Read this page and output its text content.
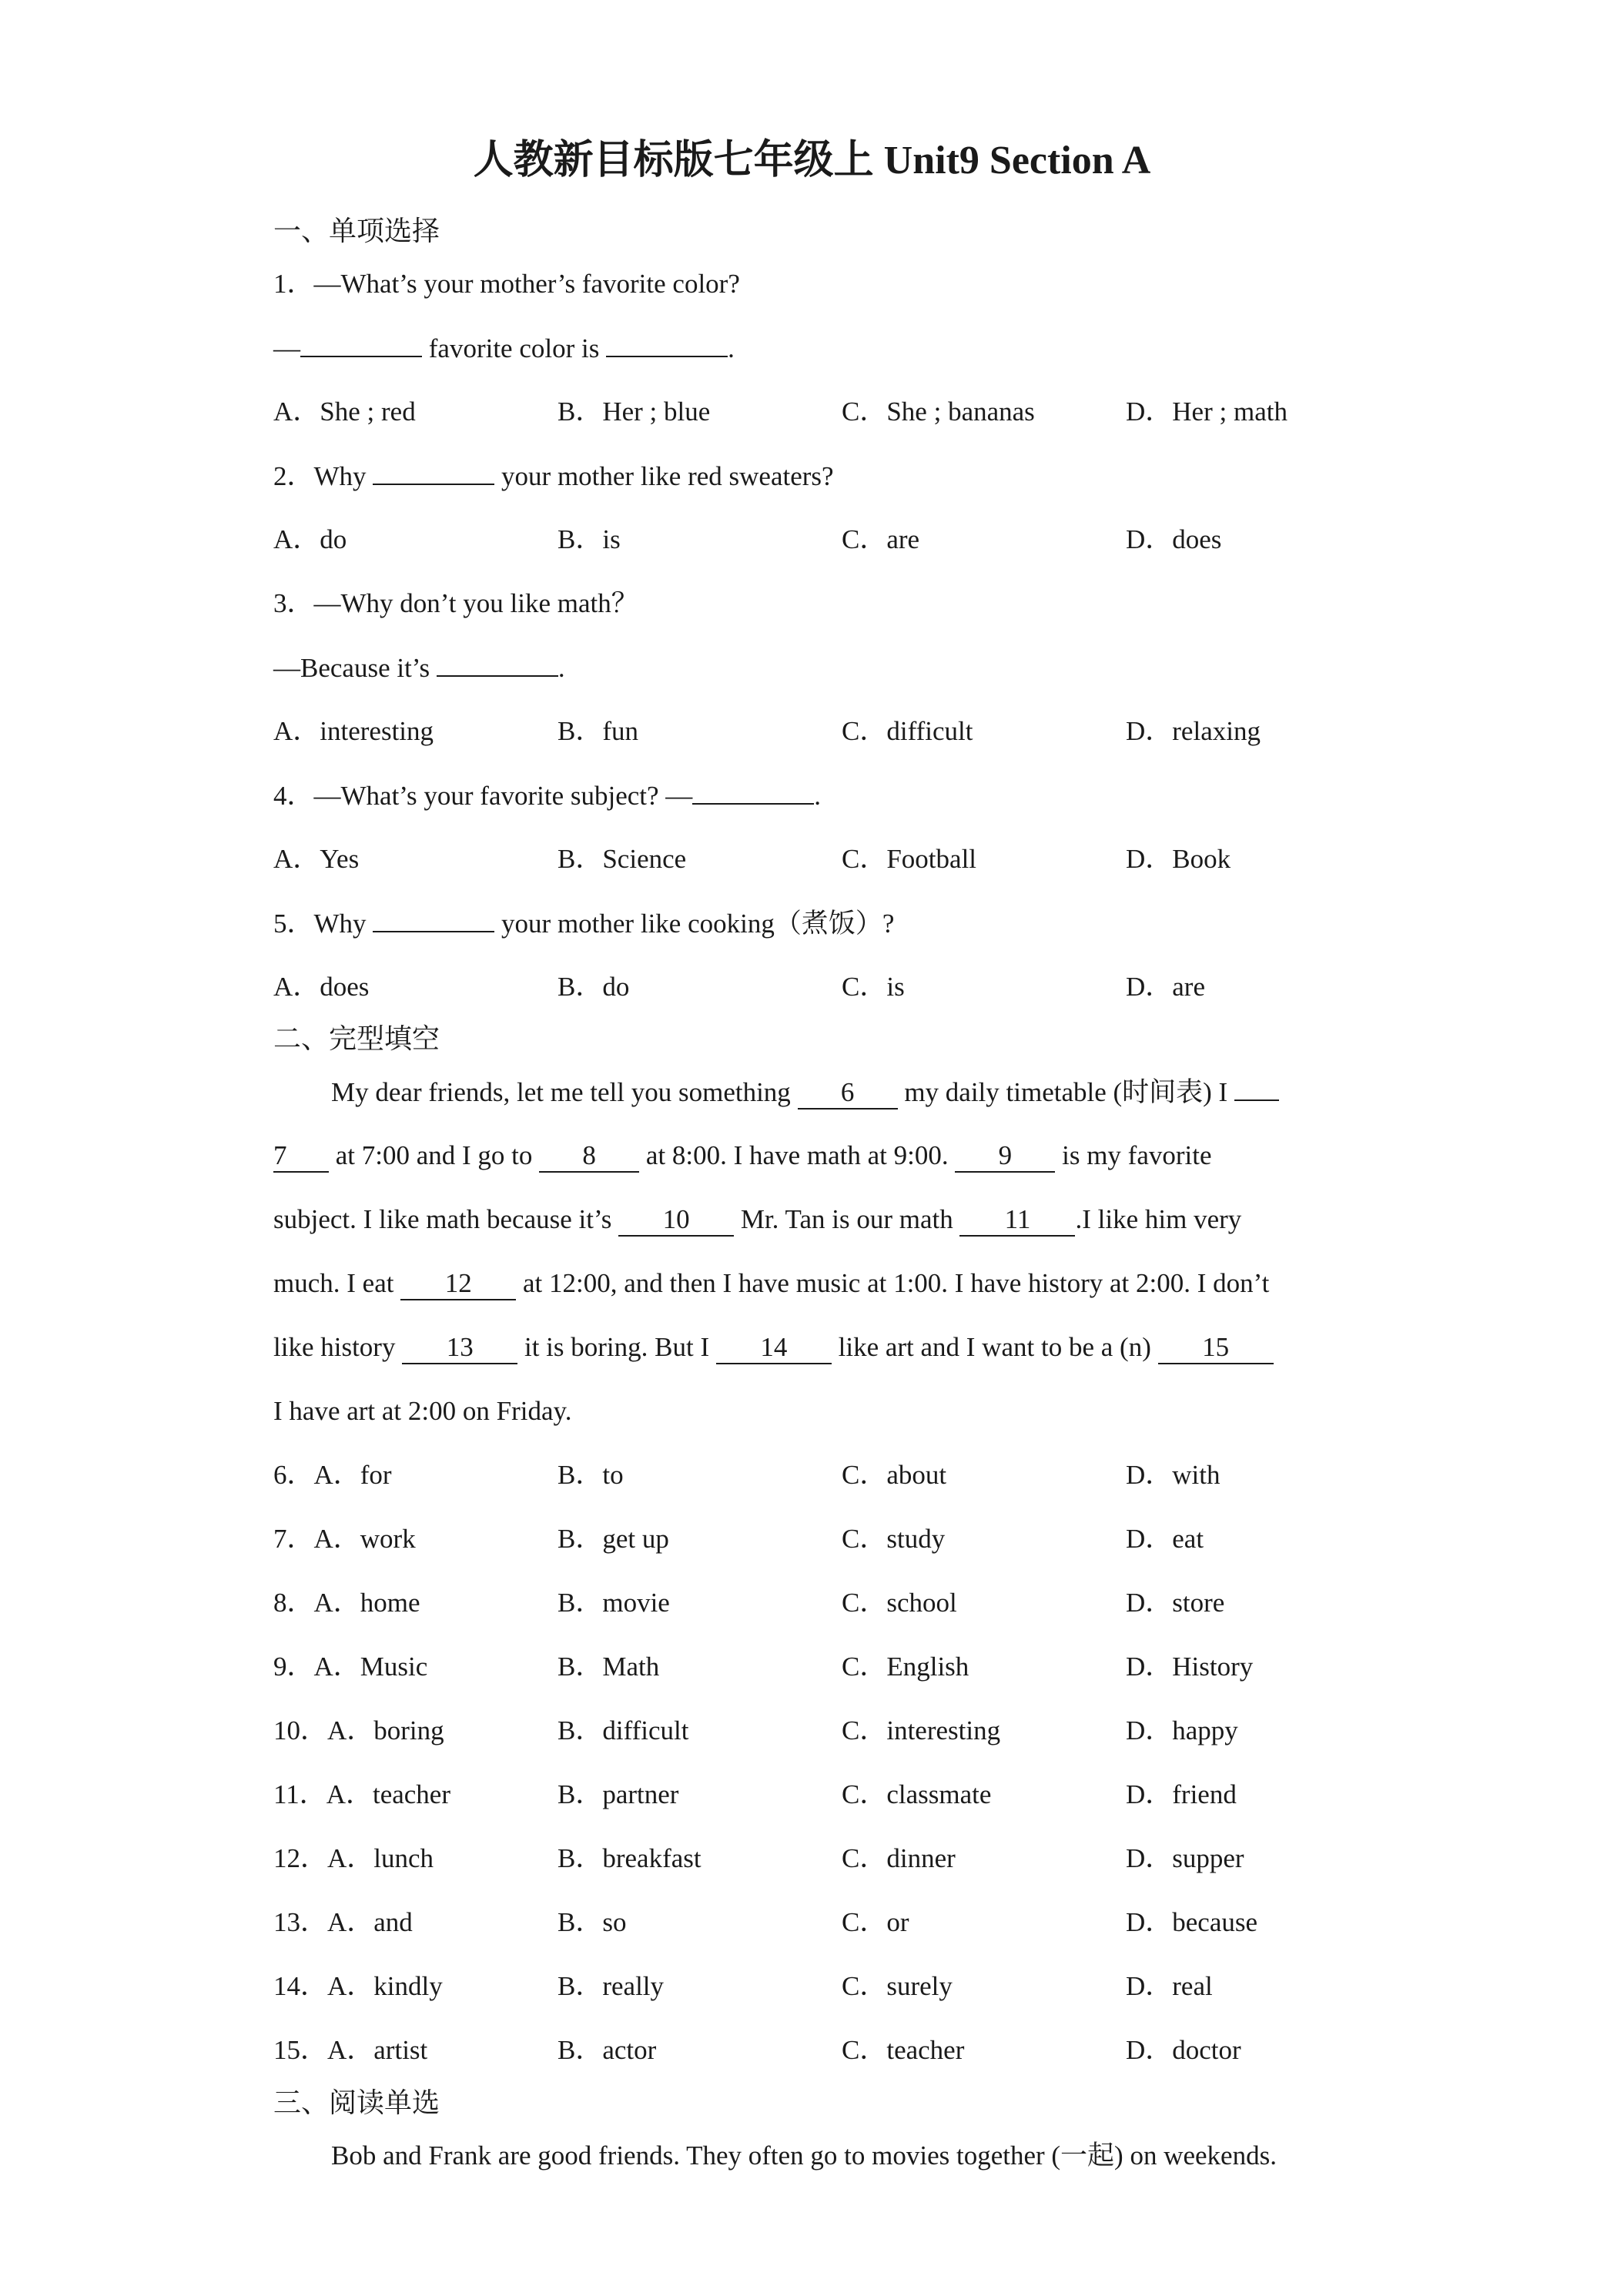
人教新目标版七年级上 Unit9 Section A
一、单项选择
1．—What’s your mother’s favorite color?
—	favorite color is	.
A．She ; red	B．Her ; blue	C．She ; bananas	D．Her ; math
2．Why	your mother like red sweaters?
A．do	B．is	C．are	D．does
3．—Why don’t you like math？
—Because it’s	.
A．interesting	B．fun	C．difficult	D．relaxing
4．—What’s your favorite subject? —	.
A．Yes	B．Science	C．Football	D．Book
5．Why	your mother like cooking（煮饭）?
A．does	B．do	C．is	D．are
二、完型填空
My dear friends, let me tell you something 6 my daily timetable (时间表) I
7 at 7:00 and I go to 8 at 8:00. I have math at 9:00. 9 is my favorite
subject. I like math because it’s 10 Mr. Tan is our math 11 .I like him very
much. I eat 12 at 12:00, and then I have music at 1:00. I have history at 2:00. I don’t
like history 13 it is boring. But I 14 like art and I want to be a (n) 15
I have art at 2:00 on Friday.
6．A．for	B．to	C．about	D．with
7．A．work	B．get up	C．study	D．eat
8．A．home	B．movie	C．school	D．store
9．A．Music	B．Math	C．English	D．History
10．A．boring	B．difficult	C．interesting	D．happy
11．A．teacher	B．partner	C．classmate	D．friend
12．A．lunch	B．breakfast	C．dinner	D．supper
13．A．and	B．so	C．or	D．because
14．A．kindly	B．really	C．surely	D．real
15．A．artist	B．actor	C．teacher	D．doctor
三、阅读单选
Bob and Frank are good friends. They often go to movies together (一起) on weekends.
